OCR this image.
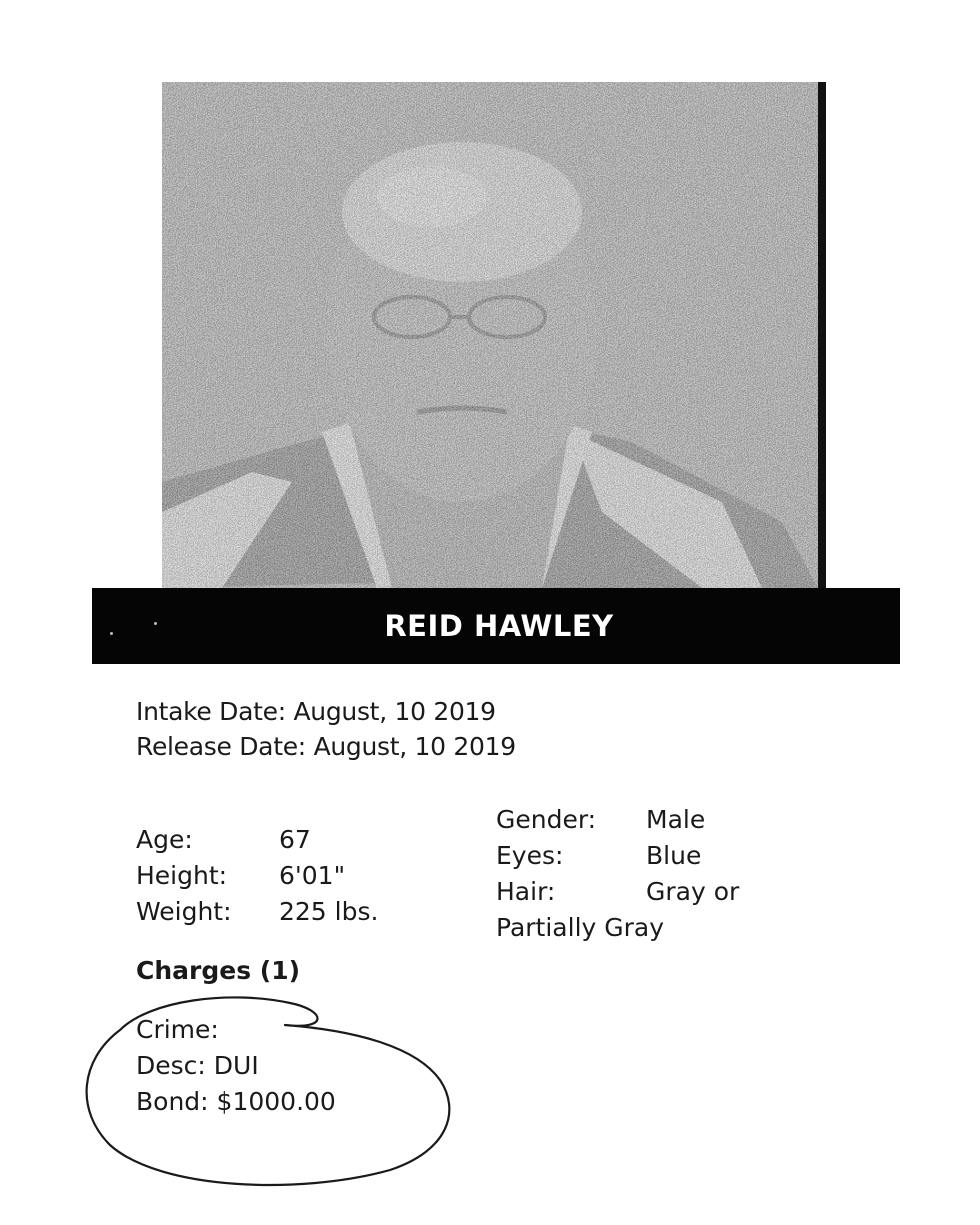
REID HAWLEY
Intake Date: August, 10 2019
Release Date: August, 10 2019
Age:	67
Height:	6'01"
Weight:	225 lbs.
Gender:	Male
Eyes:	Blue
Hair:	Gray or
Partially Gray
Charges (1)
Crime:
Desc: DUI
Bond: $1000.00
